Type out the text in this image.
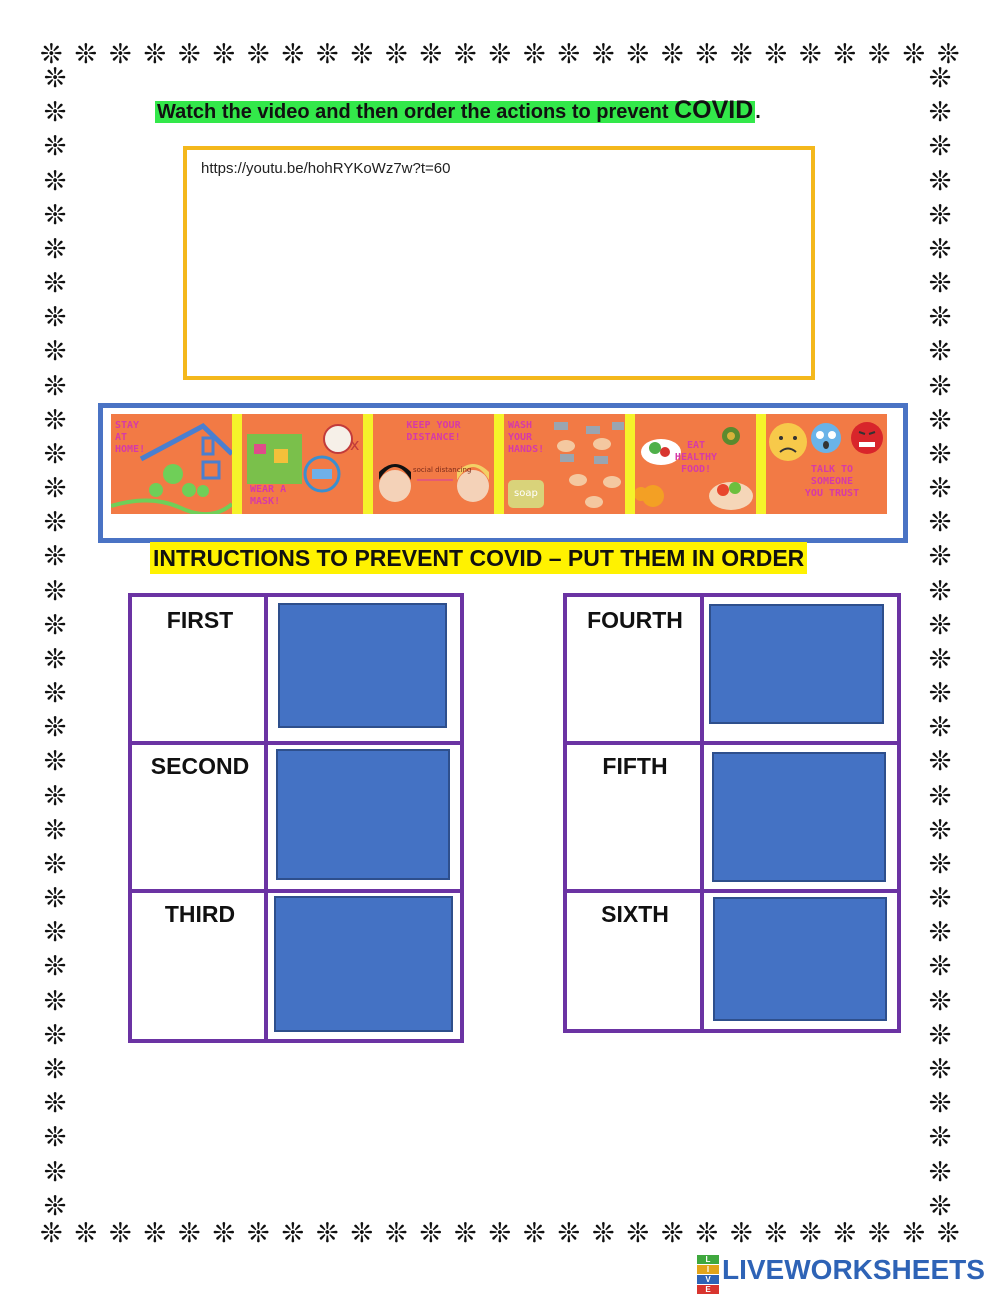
❊ ❊ ❊ ❊ ❊ ❊ ❊ ❊ ❊ ❊ ❊ ❊ ❊ ❊ ❊ ❊ ❊ ❊ ❊ ❊ ❊ ❊ ❊ ❊ ❊ ❊ ❊
❊ ❊ ❊ ❊ ❊ ❊ ❊ ❊ ❊ ❊ ❊ ❊ ❊ ❊ ❊ ❊ ❊ ❊ ❊ ❊ ❊ ❊ ❊ ❊ ❊ ❊ ❊
❊
❊
❊
❊
❊
❊
❊
❊
❊
❊
❊
❊
❊
❊
❊
❊
❊
❊
❊
❊
❊
❊
❊
❊
❊
❊
❊
❊
❊
❊
❊
❊
❊
❊
❊
❊
❊
❊
❊
❊
❊
❊
❊
❊
❊
❊
❊
❊
❊
❊
❊
❊
❊
❊
❊
❊
❊
❊
❊
❊
❊
❊
❊
❊
❊
❊
❊
❊
Watch the video and then order the actions to prevent COVID .
https://youtu.be/hohRYKoWz7w?t=60
STAY AT HOME!	x
WEAR A MASK!
KEEP YOUR DISTANCE!
social distancing
WASH YOUR HANDS!
soap
EAT HEALTHY FOOD!	TALK TO SOMEONE YOU TRUST
INTRUCTIONS TO PREVENT COVID – PUT THEM IN ORDER
FIRST
SECOND
THIRD
FOURTH
FIFTH
SIXTH
L
I
V
E
LIVEWORKSHEETS
